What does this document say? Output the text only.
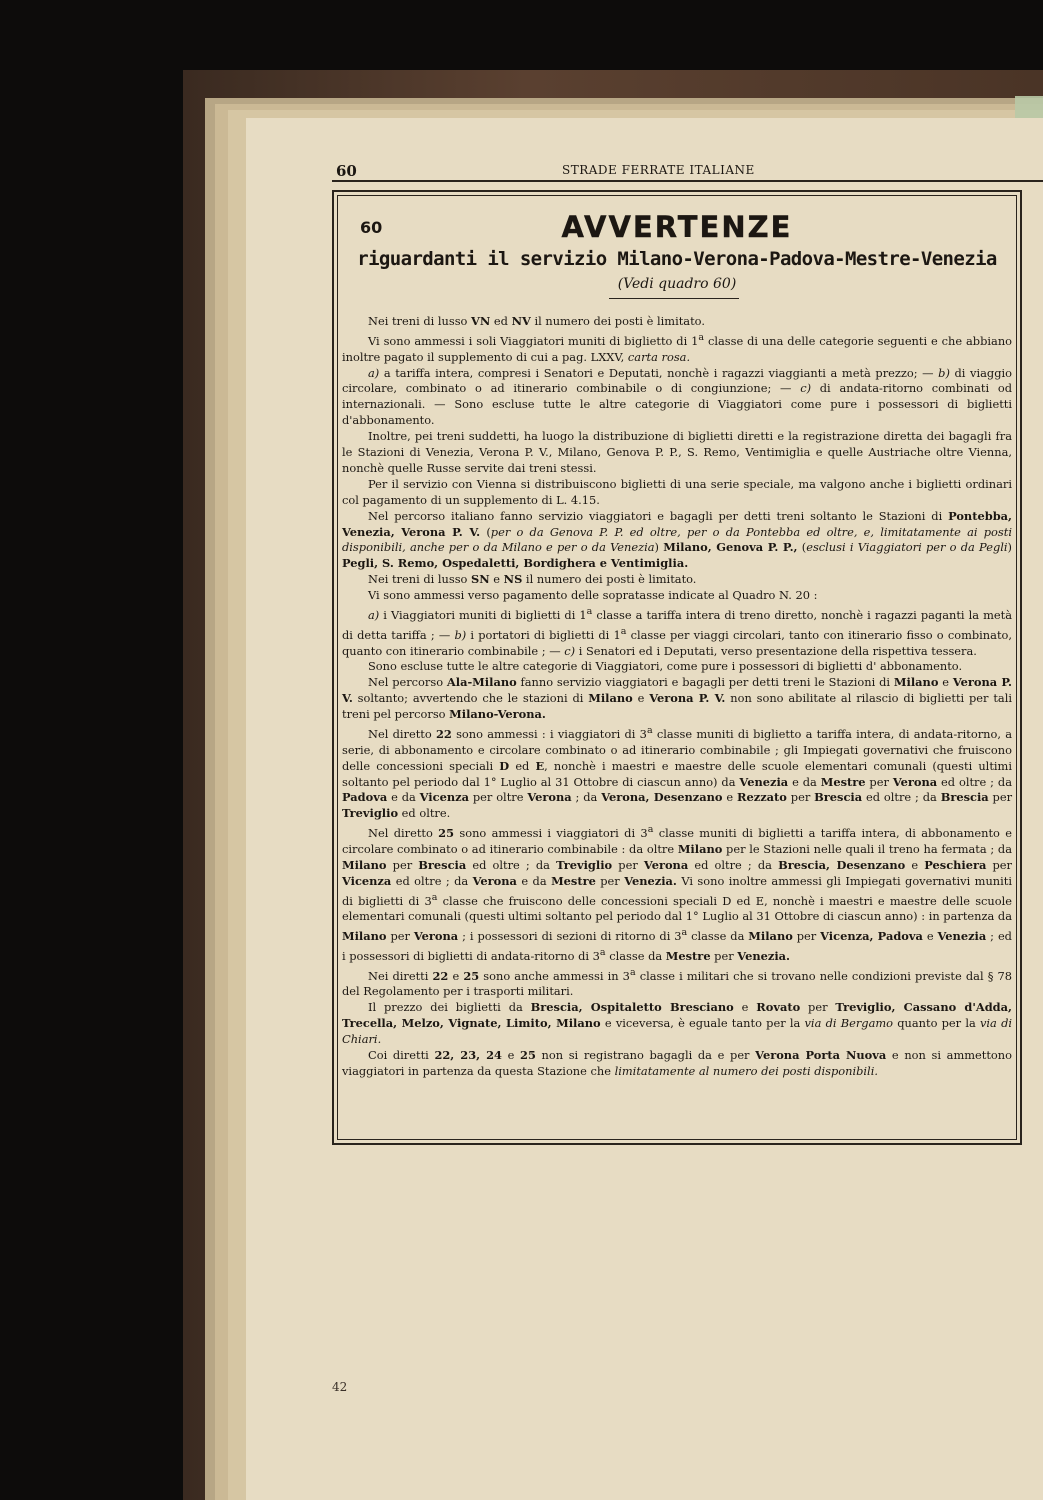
60	STRADE FERRATE ITALIANE
60	AVVERTENZE
riguardanti il servizio Milano-Verona-Padova-Mestre-Venezia
(Vedi quadro 60)

Nei treni di lusso VN ed NV il numero dei posti è limitato.

Vi sono ammessi i soli Viaggiatori muniti di biglietto di 1$^a$ classe di una delle categorie seguenti e che abbiano inoltre pagato il supplemento di cui a pag. LXXV, carta rosa.

a) a tariffa intera, compresi i Senatori e Deputati, nonchè i ragazzi viaggianti a metà prezzo; — b) di viaggio circolare, combinato o ad itinerario combinabile o di congiunzione; — c) di andata-ritorno combinati od internazionali. — Sono escluse tutte le altre categorie di Viaggiatori come pure i possessori di biglietti d'abbonamento.

Inoltre, pei treni suddetti, ha luogo la distribuzione di biglietti diretti e la registrazione diretta dei bagagli fra le Stazioni di Venezia, Verona P. V., Milano, Genova P. P., S. Remo, Ventimiglia e quelle Austriache oltre Vienna, nonchè quelle Russe servite dai treni stessi.

Per il servizio con Vienna si distribuiscono biglietti di una serie speciale, ma valgono anche i biglietti ordinari col pagamento di un supplemento di L. 4.15.

Nel percorso italiano fanno servizio viaggiatori e bagagli per detti treni soltanto le Stazioni di Pontebba, Venezia, Verona P. V. (per o da Genova P. P. ed oltre, per o da Pontebba ed oltre, e, limitatamente ai posti disponibili, anche per o da Milano e per o da Venezia) Milano, Genova P. P., (esclusi i Viaggiatori per o da Pegli) Pegli, S. Remo, Ospedaletti, Bordighera e Ventimiglia.

Nei treni di lusso SN e NS il numero dei posti è limitato.

Vi sono ammessi verso pagamento delle sopratasse indicate al Quadro N. 20 :

a) i Viaggiatori muniti di biglietti di 1$^a$ classe a tariffa intera di treno diretto, nonchè i ragazzi paganti la metà di detta tariffa ; — b) i portatori di biglietti di 1$^a$ classe per viaggi circolari, tanto con itinerario fisso o combinato, quanto con itinerario combinabile ; — c) i Senatori ed i Deputati, verso presentazione della rispettiva tessera.

Sono escluse tutte le altre categorie di Viaggiatori, come pure i possessori di biglietti d' abbonamento.

Nel percorso Ala-Milano fanno servizio viaggiatori e bagagli per detti treni le Stazioni di Milano e Verona P. V. soltanto; avvertendo che le stazioni di Milano e Verona P. V. non sono abilitate al rilascio di biglietti per tali treni pel percorso Milano-Verona.

Nel diretto 22 sono ammessi : i viaggiatori di 3$^a$ classe muniti di biglietto a tariffa intera, di andata-ritorno, a serie, di abbonamento e circolare combinato o ad itinerario combinabile ; gli Impiegati governativi che fruiscono delle concessioni speciali D ed E, nonchè i maestri e maestre delle scuole elementari comunali (questi ultimi soltanto pel periodo dal 1° Luglio al 31 Ottobre di ciascun anno) da Venezia e da Mestre per Verona ed oltre ; da Padova e da Vicenza per oltre Verona ; da Verona, Desenzano e Rezzato per Brescia ed oltre ; da Brescia per Treviglio ed oltre.

Nel diretto 25 sono ammessi i viaggiatori di 3$^a$ classe muniti di biglietti a tariffa intera, di abbonamento e circolare combinato o ad itinerario combinabile : da oltre Milano per le Stazioni nelle quali il treno ha fermata ; da Milano per Brescia ed oltre ; da Treviglio per Verona ed oltre ; da Brescia, Desenzano e Peschiera per Vicenza ed oltre ; da Verona e da Mestre per Venezia. Vi sono inoltre ammessi gli Impiegati governativi muniti di biglietti di 3$^a$ classe che fruiscono delle concessioni speciali D ed E, nonchè i maestri e maestre delle scuole elementari comunali (questi ultimi soltanto pel periodo dal 1° Luglio al 31 Ottobre di ciascun anno) : in partenza da Milano per Verona ; i possessori di sezioni di ritorno di 3$^a$ classe da Milano per Vicenza, Padova e Venezia ; ed i possessori di biglietti di andata-ritorno di 3$^a$ classe da Mestre per Venezia.

Nei diretti 22 e 25 sono anche ammessi in 3$^a$ classe i militari che si trovano nelle condizioni previste dal § 78 del Regolamento per i trasporti militari.

Il prezzo dei biglietti da Brescia, Ospitaletto Bresciano e Rovato per Treviglio, Cassano d'Adda, Trecella, Melzo, Vignate, Limito, Milano e viceversa, è eguale tanto per la via di Bergamo quanto per la via di Chiari.

Coi diretti 22, 23, 24 e 25 non si registrano bagagli da e per Verona Porta Nuova e non si ammettono viaggiatori in partenza da questa Stazione che limitatamente al numero dei posti disponibili.

42
